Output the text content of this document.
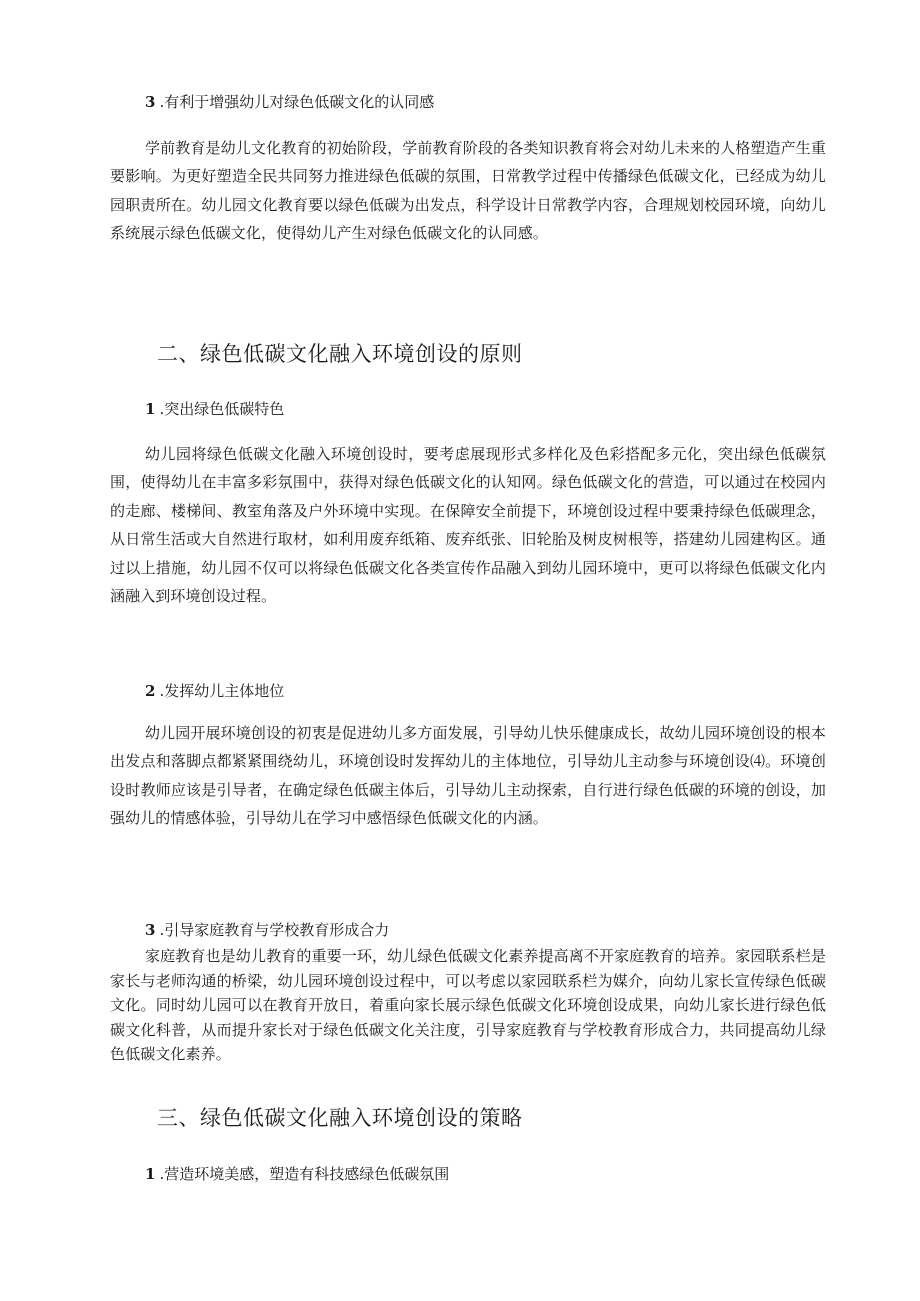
3 .有利于增强幼儿对绿色低碳文化的认同感

学前教育是幼儿文化教育的初始阶段，学前教育阶段的各类知识教育将会对幼儿未来的人格塑造产生重要影响。为更好塑造全民共同努力推进绿色低碳的氛围，日常教学过程中传播绿色低碳文化，已经成为幼儿园职责所在。幼儿园文化教育要以绿色低碳为出发点，科学设计日常教学内容，合理规划校园环境，向幼儿系统展示绿色低碳文化，使得幼儿产生对绿色低碳文化的认同感。

二、绿色低碳文化融入环境创设的原则
1 .突出绿色低碳特色

幼儿园将绿色低碳文化融入环境创设时，要考虑展现形式多样化及色彩搭配多元化，突出绿色低碳氛围，使得幼儿在丰富多彩氛围中，获得对绿色低碳文化的认知网。绿色低碳文化的营造，可以通过在校园内的走廊、楼梯间、教室角落及户外环境中实现。在保障安全前提下，环境创设过程中要秉持绿色低碳理念，从日常生活或大自然进行取材，如利用废弃纸箱、废弃纸张、旧轮胎及树皮树根等，搭建幼儿园建构区。通过以上措施，幼儿园不仅可以将绿色低碳文化各类宣传作品融入到幼儿园环境中，更可以将绿色低碳文化内涵融入到环境创设过程。

2 .发挥幼儿主体地位

幼儿园开展环境创设的初衷是促进幼儿多方面发展，引导幼儿快乐健康成长，故幼儿园环境创设的根本出发点和落脚点都紧紧围绕幼儿，环境创设时发挥幼儿的主体地位，引导幼儿主动参与环境创设⑷。环境创设时教师应该是引导者，在确定绿色低碳主体后，引导幼儿主动探索，自行进行绿色低碳的环境的创设，加强幼儿的情感体验，引导幼儿在学习中感悟绿色低碳文化的内涵。

3 .引导家庭教育与学校教育形成合力

家庭教育也是幼儿教育的重要一环，幼儿绿色低碳文化素养提高离不开家庭教育的培养。家园联系栏是家长与老师沟通的桥梁，幼儿园环境创设过程中，可以考虑以家园联系栏为媒介，向幼儿家长宣传绿色低碳文化。同时幼儿园可以在教育开放日，着重向家长展示绿色低碳文化环境创设成果，向幼儿家长进行绿色低碳文化科普，从而提升家长对于绿色低碳文化关注度，引导家庭教育与学校教育形成合力，共同提高幼儿绿色低碳文化素养。

三、绿色低碳文化融入环境创设的策略
1 .营造环境美感，塑造有科技感绿色低碳氛围
